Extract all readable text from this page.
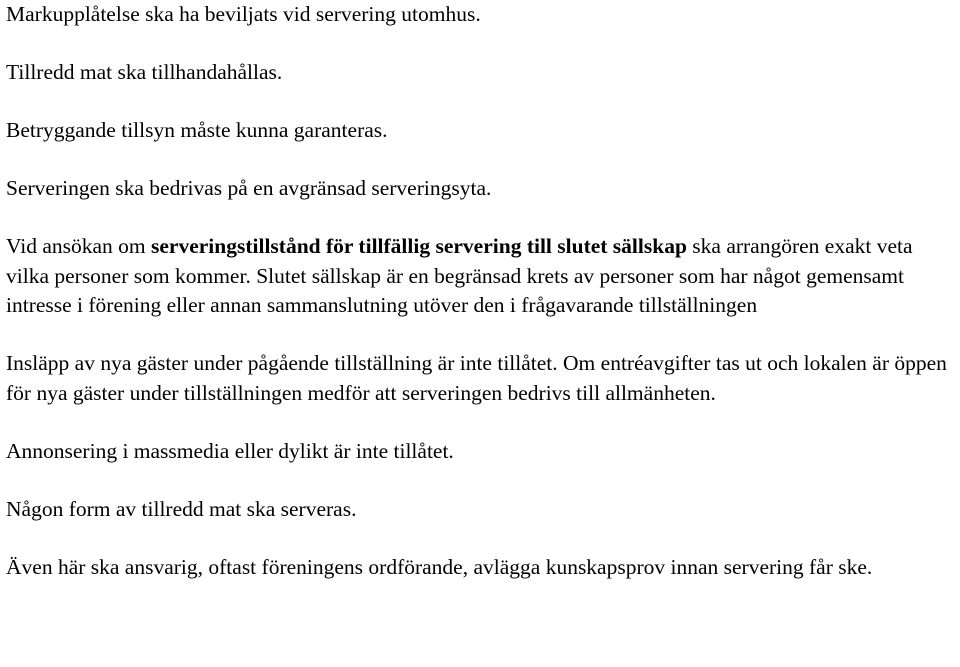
Markupplåtelse ska ha beviljats vid servering utomhus.

Tillredd mat ska tillhandahållas.

Betryggande tillsyn måste kunna garanteras.

Serveringen ska bedrivas på en avgränsad serveringsyta.

Vid ansökan om serveringstillstånd för tillfällig servering till slutet sällskap ska arrangören exakt veta vilka personer som kommer. Slutet sällskap är en begränsad krets av personer som har något gemensamt intresse i förening eller annan sammanslutning utöver den i frågavarande tillställningen

Insläpp av nya gäster under pågående tillställning är inte tillåtet. Om entréavgifter tas ut och lokalen är öppen för nya gäster under tillställningen medför att serveringen bedrivs till allmänheten.

Annonsering i massmedia eller dylikt är inte tillåtet.

Någon form av tillredd mat ska serveras.

Även här ska ansvarig, oftast föreningens ordförande, avlägga kunskapsprov innan servering får ske.
